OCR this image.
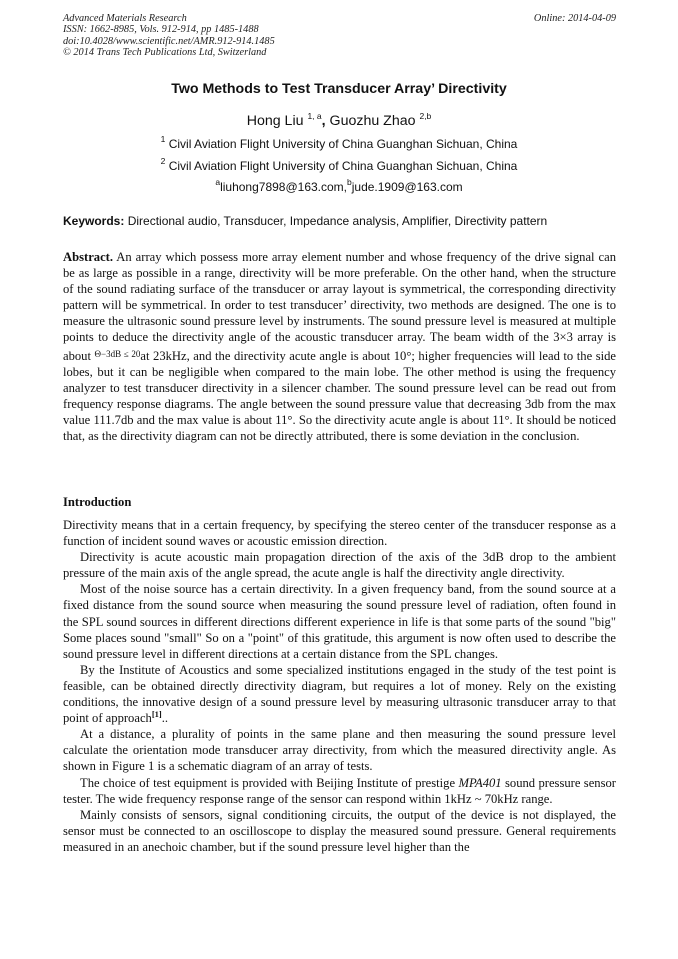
Advanced Materials Research
ISSN: 1662-8985, Vols. 912-914, pp 1485-1488
doi:10.4028/www.scientific.net/AMR.912-914.1485
© 2014 Trans Tech Publications Ltd, Switzerland
Online: 2014-04-09
Two Methods to Test Transducer Array’ Directivity
Hong Liu $^{1, a}$, Guozhu Zhao $^{2,b}$
$^1$ Civil Aviation Flight University of China Guanghan Sichuan, China
$^2$ Civil Aviation Flight University of China Guanghan Sichuan, China
$^a$liuhong7898@163.com,$^b$jude.1909@163.com
Keywords: Directional audio, Transducer, Impedance analysis, Amplifier, Directivity pattern
Abstract. An array which possess more array element number and whose frequency of the drive signal can be as large as possible in a range, directivity will be more preferable. On the other hand, when the structure of the sound radiating surface of the transducer or array layout is symmetrical, the corresponding directivity pattern will be symmetrical. In order to test transducer’ directivity, two methods are designed. The one is to measure the ultrasonic sound pressure level by instruments. The sound pressure level is measured at multiple points to deduce the directivity angle of the acoustic transducer array. The beam width of the 3×3 array is about $^{\Theta-3dB \le 20}$at 23kHz, and the directivity acute angle is about 10°; higher frequencies will lead to the side lobes, but it can be negligible when compared to the main lobe. The other method is using the frequency analyzer to test transducer directivity in a silencer chamber. The sound pressure level can be read out from frequency response diagrams. The angle between the sound pressure value that decreasing 3db from the max value 111.7db and the max value is about 11°. So the directivity acute angle is about 11°. It should be noticed that, as the directivity diagram can not be directly attributed, there is some deviation in the conclusion.
Introduction

Directivity means that in a certain frequency, by specifying the stereo center of the transducer response as a function of incident sound waves or acoustic emission direction.

Directivity is acute acoustic main propagation direction of the axis of the 3dB drop to the ambient pressure of the main axis of the angle spread, the acute angle is half the directivity angle directivity.

Most of the noise source has a certain directivity. In a given frequency band, from the sound source at a fixed distance from the sound source when measuring the sound pressure level of radiation, often found in the SPL sound sources in different directions different experience in life is that some parts of the sound "big" Some places sound "small" So on a "point" of this gratitude, this argument is now often used to describe the sound pressure level in different directions at a certain distance from the SPL changes.

By the Institute of Acoustics and some specialized institutions engaged in the study of the test point is feasible, can be obtained directly directivity diagram, but requires a lot of money. Rely on the existing conditions, the innovative design of a sound pressure level by measuring ultrasonic transducer array to that point of approach[1]..

At a distance, a plurality of points in the same plane and then measuring the sound pressure level calculate the orientation mode transducer array directivity, from which the measured directivity angle. As shown in Figure 1 is a schematic diagram of an array of tests.

The choice of test equipment is provided with Beijing Institute of prestige MPA401 sound pressure sensor tester. The wide frequency response range of the sensor can respond within 1kHz ~ 70kHz range.

Mainly consists of sensors, signal conditioning circuits, the output of the device is not displayed, the sensor must be connected to an oscilloscope to display the measured sound pressure. General requirements measured in an anechoic chamber, but if the sound pressure level higher than the
